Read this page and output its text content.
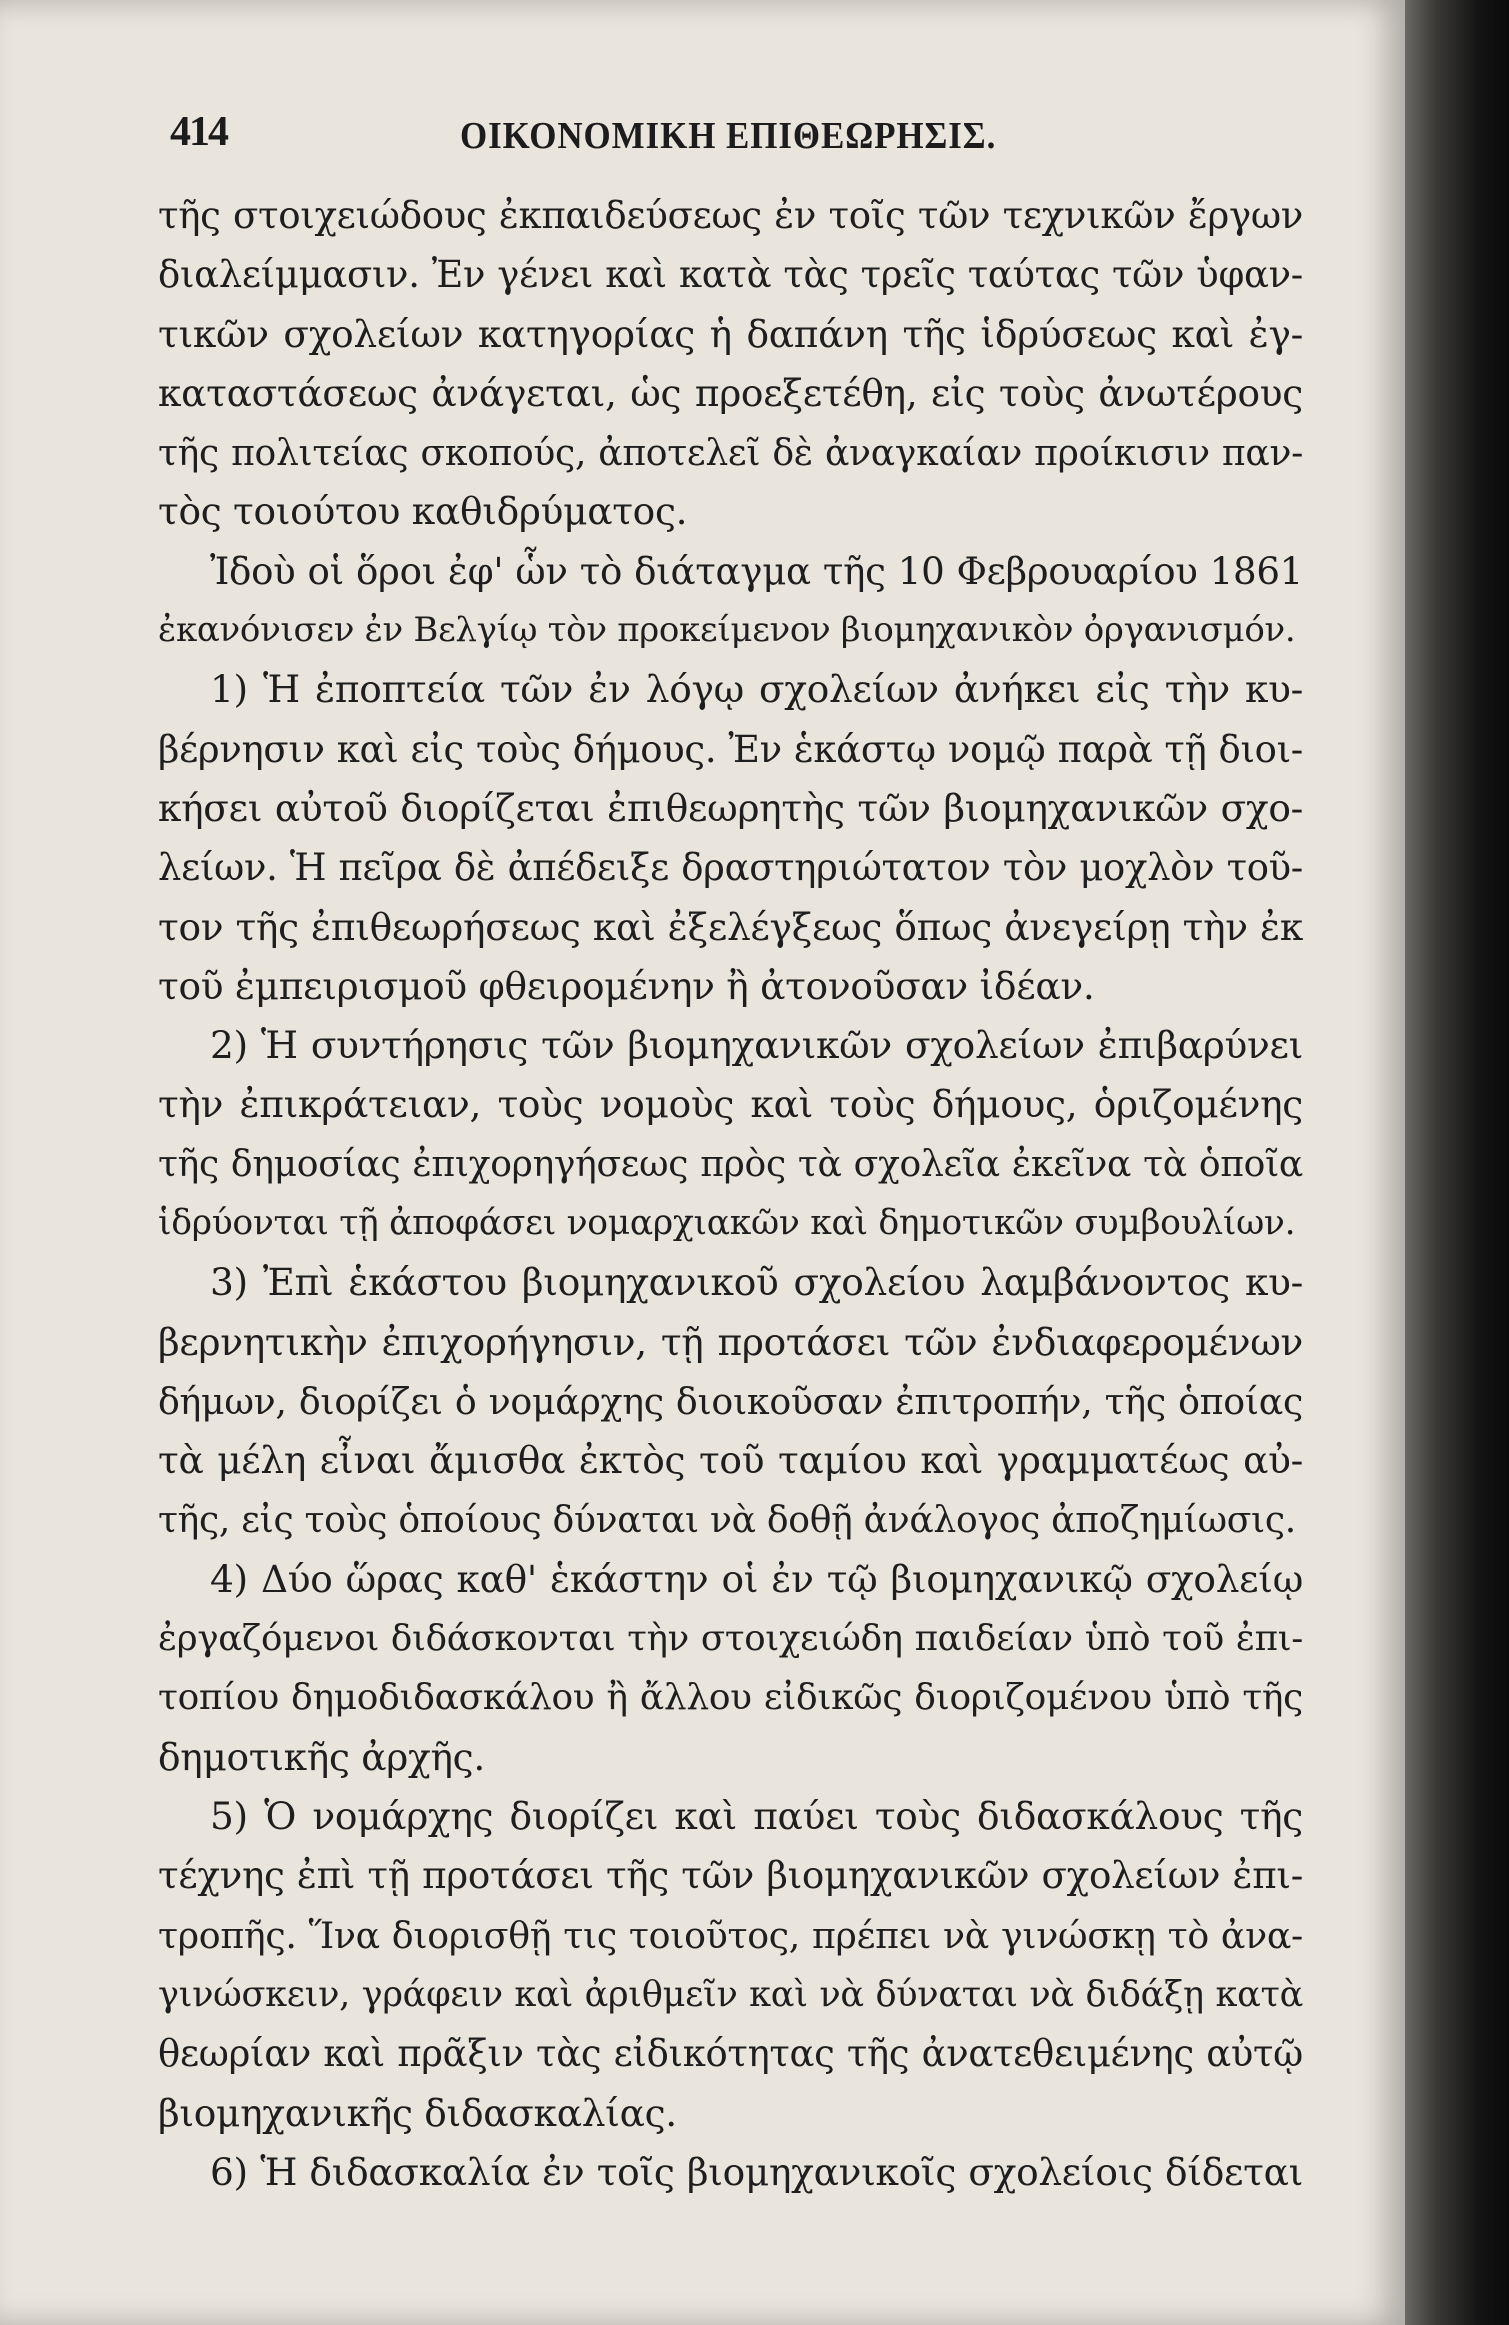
414	ΟΙΚΟΝΟΜΙΚΗ ΕΠΙΘΕΩΡΗΣΙΣ.
τῆς στοιχειώδους ἐκπαιδεύσεως ἐν τοῖς τῶν τεχνικῶν ἔργων
διαλείμμασιν. Ἐν γένει καὶ κατὰ τὰς τρεῖς ταύτας τῶν ὑφαν-
τικῶν σχολείων κατηγορίας ἡ δαπάνη τῆς ἱδρύσεως καὶ ἐγ-
καταστάσεως ἀνάγεται, ὡς προεξετέθη, εἰς τοὺς ἀνωτέρους
τῆς πολιτείας σκοπούς, ἀποτελεῖ δὲ ἀναγκαίαν προίκισιν παν-
τὸς τοιούτου καθιδρύματος.
Ἰδοὺ οἱ ὅροι ἐφ' ὧν τὸ διάταγμα τῆς 10 Φεβρουαρίου 1861
ἐκανόνισεν ἐν Βελγίῳ τὸν προκείμενον βιομηχανικὸν ὀργανισμόν.
1) Ἡ ἐποπτεία τῶν ἐν λόγῳ σχολείων ἀνήκει εἰς τὴν κυ-
βέρνησιν καὶ εἰς τοὺς δήμους. Ἐν ἑκάστῳ νομῷ παρὰ τῇ διοι-
κήσει αὐτοῦ διορίζεται ἐπιθεωρητὴς τῶν βιομηχανικῶν σχο-
λείων. Ἡ πεῖρα δὲ ἀπέδειξε δραστηριώτατον τὸν μοχλὸν τοῦ-
τον τῆς ἐπιθεωρήσεως καὶ ἐξελέγξεως ὅπως ἀνεγείρῃ τὴν ἐκ
τοῦ ἐμπειρισμοῦ φθειρομένην ἢ ἀτονοῦσαν ἰδέαν.
2) Ἡ συντήρησις τῶν βιομηχανικῶν σχολείων ἐπιβαρύνει
τὴν ἐπικράτειαν, τοὺς νομοὺς καὶ τοὺς δήμους, ὁριζομένης
τῆς δημοσίας ἐπιχορηγήσεως πρὸς τὰ σχολεῖα ἐκεῖνα τὰ ὁποῖα
ἱδρύονται τῇ ἀποφάσει νομαρχιακῶν καὶ δημοτικῶν συμβουλίων.
3) Ἐπὶ ἑκάστου βιομηχανικοῦ σχολείου λαμβάνοντος κυ-
βερνητικὴν ἐπιχορήγησιν, τῇ προτάσει τῶν ἐνδιαφερομένων
δήμων, διορίζει ὁ νομάρχης διοικοῦσαν ἐπιτροπήν, τῆς ὁποίας
τὰ μέλη εἶναι ἄμισθα ἐκτὸς τοῦ ταμίου καὶ γραμματέως αὐ-
τῆς, εἰς τοὺς ὁποίους δύναται νὰ δοθῇ ἀνάλογος ἀποζημίωσις.
4) Δύο ὥρας καθ' ἑκάστην οἱ ἐν τῷ βιομηχανικῷ σχολείῳ
ἐργαζόμενοι διδάσκονται τὴν στοιχειώδη παιδείαν ὑπὸ τοῦ ἐπι-
τοπίου δημοδιδασκάλου ἢ ἄλλου εἰδικῶς διοριζομένου ὑπὸ τῆς
δημοτικῆς ἀρχῆς.
5) Ὁ νομάρχης διορίζει καὶ παύει τοὺς διδασκάλους τῆς
τέχνης ἐπὶ τῇ προτάσει τῆς τῶν βιομηχανικῶν σχολείων ἐπι-
τροπῆς. Ἵνα διορισθῇ τις τοιοῦτος, πρέπει νὰ γινώσκῃ τὸ ἀνα-
γινώσκειν, γράφειν καὶ ἀριθμεῖν καὶ νὰ δύναται νὰ διδάξῃ κατὰ
θεωρίαν καὶ πρᾶξιν τὰς εἰδικότητας τῆς ἀνατεθειμένης αὐτῷ
βιομηχανικῆς διδασκαλίας.
6) Ἡ διδασκαλία ἐν τοῖς βιομηχανικοῖς σχολείοις δίδεται
